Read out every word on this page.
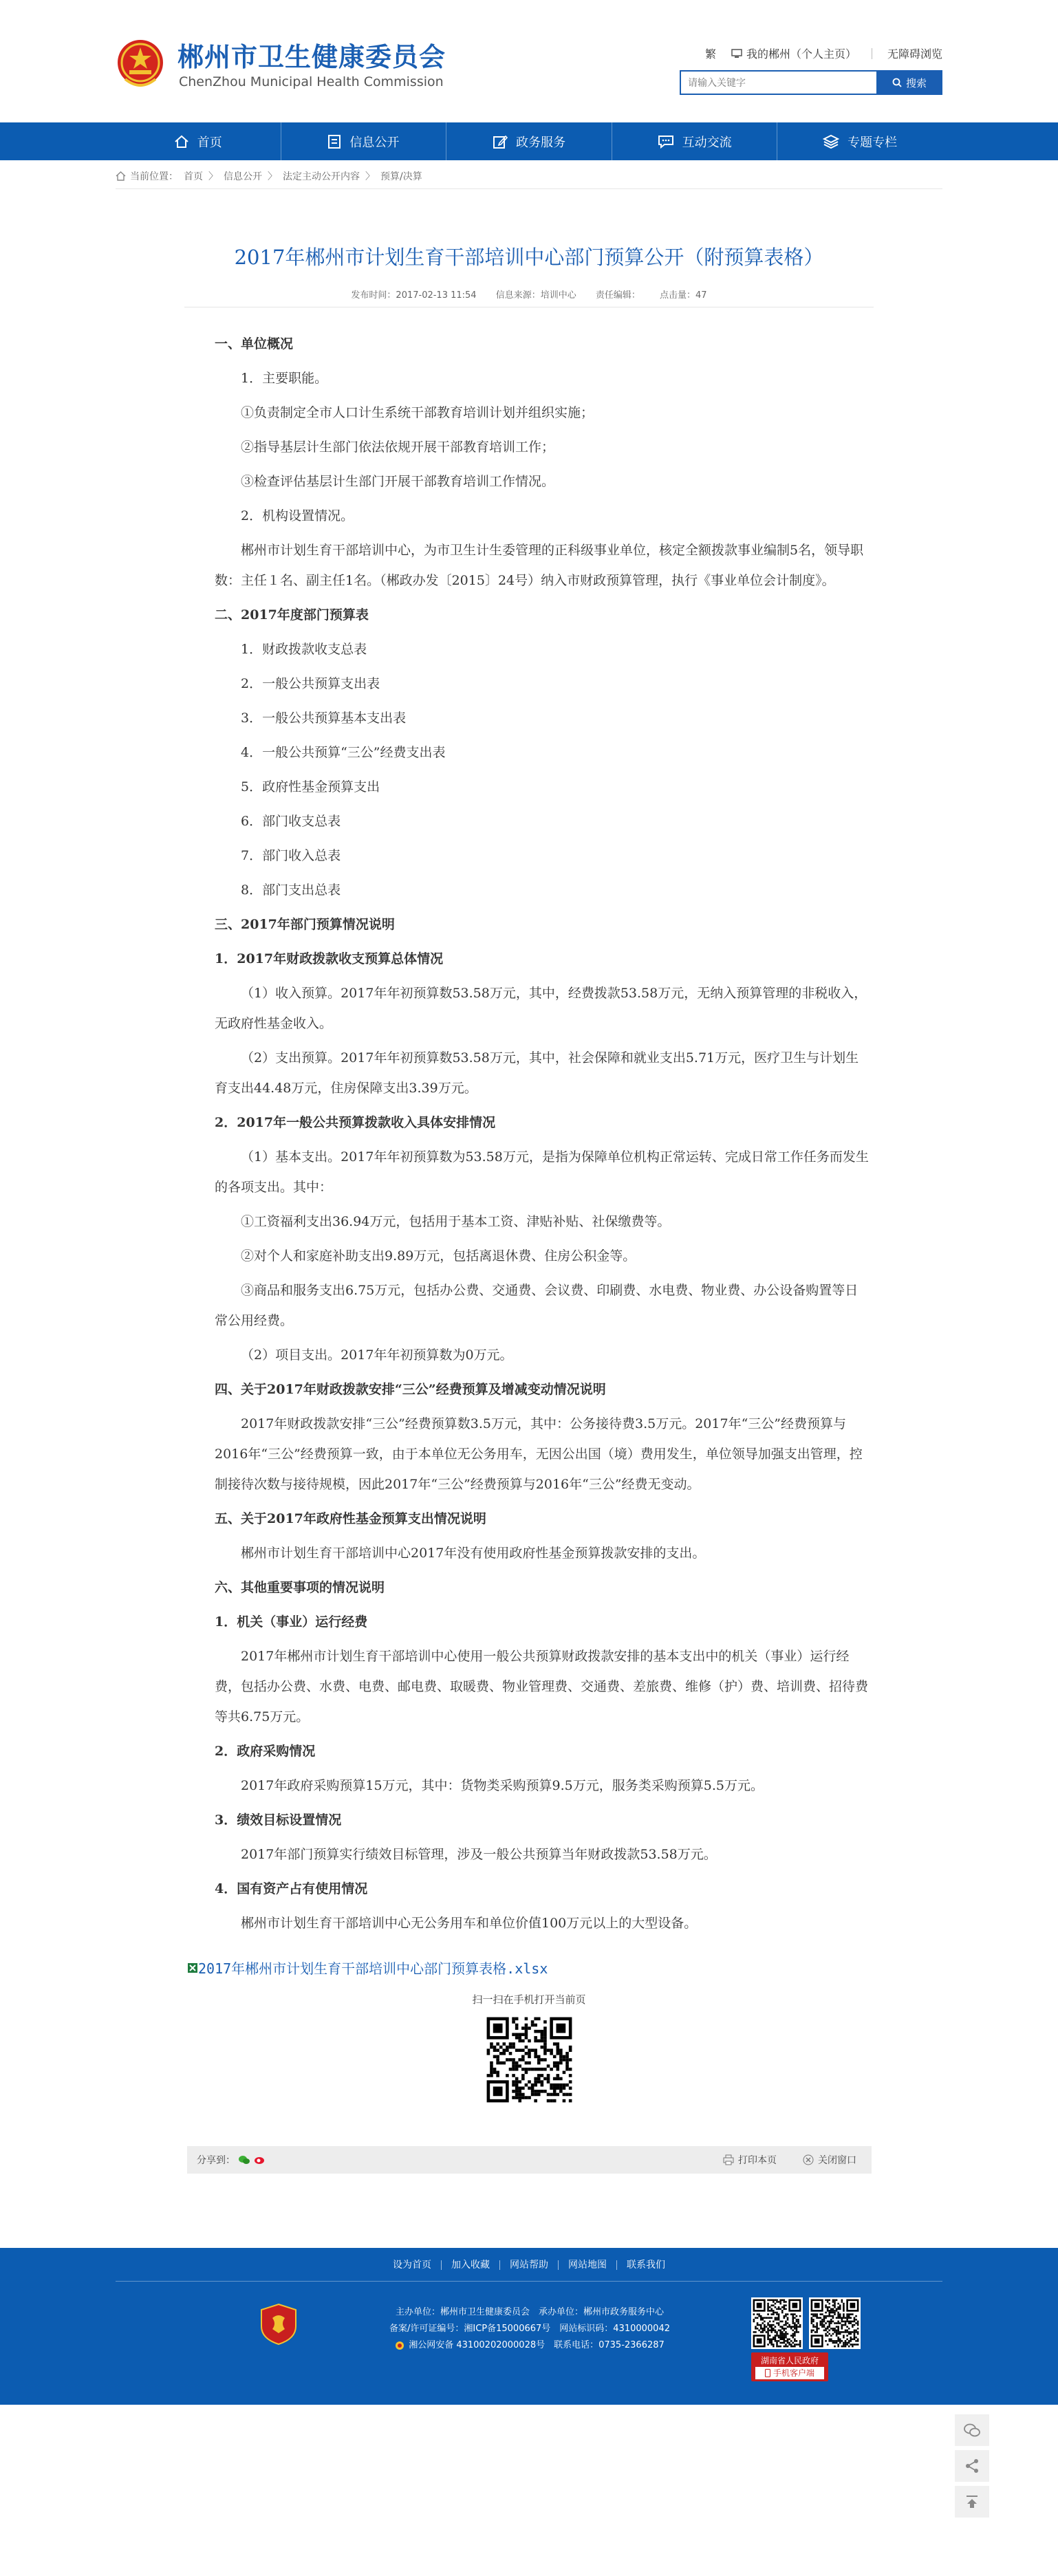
郴州市卫生健康委员会
ChenZhou Municipal Health Commission
繁	我的郴州（个人主页）	无障碍浏览
请输入关键字
搜索
首页	信息公开	政务服务	互动交流	专题专栏
当前位置： 首页 〉 信息公开 〉 法定主动公开内容 〉 预算/决算
2017年郴州市计划生育干部培训中心部门预算公开（附预算表格）
发布时间：2017-02-13 11:54 信息来源：培训中心 责任编辑： 点击量：47

一、单位概况

1．主要职能。

①负责制定全市人口计生系统干部教育培训计划并组织实施；

②指导基层计生部门依法依规开展干部教育培训工作；

③检查评估基层计生部门开展干部教育培训工作情况。

2．机构设置情况。

郴州市计划生育干部培训中心，为市卫生计生委管理的正科级事业单位，核定全额拨款事业编制5名，领导职数：主任１名、副主任1名。（郴政办发〔2015〕24号）纳入市财政预算管理，执行《事业单位会计制度》。

二、2017年度部门预算表

1．财政拨款收支总表

2．一般公共预算支出表

3．一般公共预算基本支出表

4．一般公共预算“三公”经费支出表

5．政府性基金预算支出

6．部门收支总表

7．部门收入总表

8．部门支出总表

三、2017年部门预算情况说明

1．2017年财政拨款收支预算总体情况

（1）收入预算。2017年年初预算数53.58万元，其中，经费拨款53.58万元，无纳入预算管理的非税收入，无政府性基金收入。

（2）支出预算。2017年年初预算数53.58万元，其中，社会保障和就业支出5.71万元，医疗卫生与计划生育支出44.48万元，住房保障支出3.39万元。

2．2017年一般公共预算拨款收入具体安排情况

（1）基本支出。2017年年初预算数为53.58万元，是指为保障单位机构正常运转、完成日常工作任务而发生的各项支出。其中：

①工资福利支出36.94万元，包括用于基本工资、津贴补贴、社保缴费等。

②对个人和家庭补助支出9.89万元，包括离退休费、住房公积金等。

③商品和服务支出6.75万元，包括办公费、交通费、会议费、印刷费、水电费、物业费、办公设备购置等日常公用经费。

（2）项目支出。2017年年初预算数为0万元。

四、关于2017年财政拨款安排“三公”经费预算及增减变动情况说明

2017年财政拨款安排“三公”经费预算数3.5万元，其中：公务接待费3.5万元。2017年“三公”经费预算与2016年“三公”经费预算一致，由于本单位无公务用车，无因公出国（境）费用发生，单位领导加强支出管理，控制接待次数与接待规模，因此2017年“三公”经费预算与2016年“三公”经费无变动。

五、关于2017年政府性基金预算支出情况说明

郴州市计划生育干部培训中心2017年没有使用政府性基金预算拨款安排的支出。

六、其他重要事项的情况说明

1．机关（事业）运行经费

2017年郴州市计划生育干部培训中心使用一般公共预算财政拨款安排的基本支出中的机关（事业）运行经费，包括办公费、水费、电费、邮电费、取暖费、物业管理费、交通费、差旅费、维修（护）费、培训费、招待费等共6.75万元。

2．政府采购情况

2017年政府采购预算15万元，其中：货物类采购预算9.5万元，服务类采购预算5.5万元。

3．绩效目标设置情况

2017年部门预算实行绩效目标管理，涉及一般公共预算当年财政拨款53.58万元。

4．国有资产占有使用情况

郴州市计划生育干部培训中心无公务用车和单位价值100万元以上的大型设备。

2017年郴州市计划生育干部培训中心部门预算表格.xlsx
扫一扫在手机打开当前页
分享到：	打印本页	关闭窗口
设为首页	加入收藏	网站帮助	网站地图	联系我们
主办单位：郴州市卫生健康委员会　承办单位：郴州市政务服务中心
备案/许可证编号：湘ICP备15000667号　网站标识码：4310000042
湘公网安备 43100202000028号　联系电话：0735-2366287
湖南省人民政府
手机客户端
